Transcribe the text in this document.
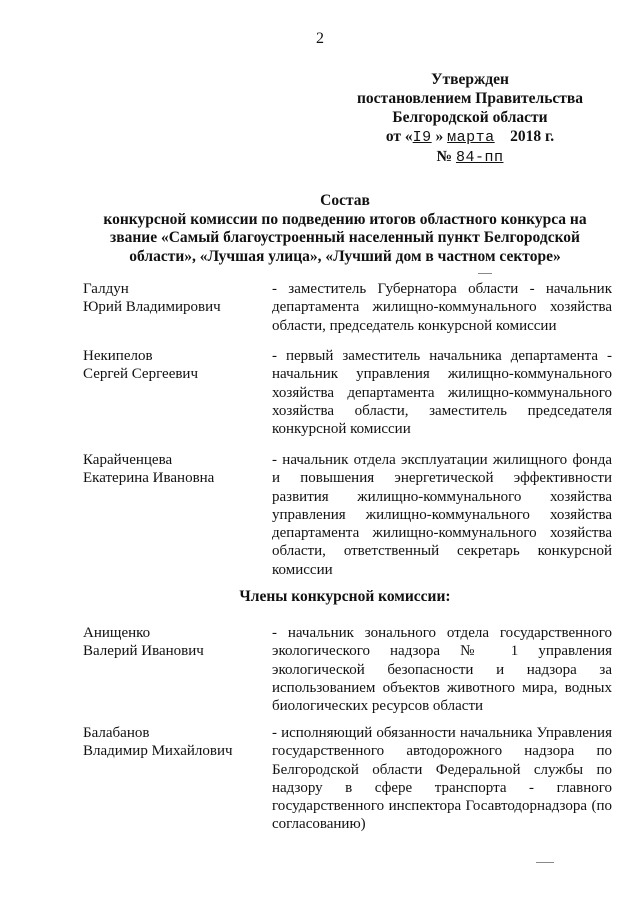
2
Утвержден
постановлением Правительства
Белгородской области
от «I9 » марта 2018 г.
№ 84-пп
Состав
конкурсной комиссии по подведению итогов областного конкурса на
звание «Самый благоустроенный населенный пункт Белгородской
области», «Лучшая улица», «Лучший дом в частном секторе»
Галдун
Юрий Владимирович
- заместитель Губернатора области - начальник департамента жилищно-коммунального хозяйства области, председатель конкурсной комиссии
Некипелов
Сергей Сергеевич
- первый заместитель начальника департамента - начальник управления жилищно-коммунального хозяйства департамента жилищно-коммунального хозяйства области, заместитель председателя конкурсной комиссии
Карайченцева
Екатерина Ивановна
- начальник отдела эксплуатации жилищного фонда и повышения энергетической эффективности развития жилищно-коммунального хозяйства управления жилищно-коммунального хозяйства департамента жилищно-коммунального хозяйства области, ответственный секретарь конкурсной комиссии
Члены конкурсной комиссии:
Анищенко
Валерий Иванович
- начальник зонального отдела государственного экологического надзора № 1 управления экологической безопасности и надзора за использованием объектов животного мира, водных биологических ресурсов области
Балабанов
Владимир Михайлович
- исполняющий обязанности начальника Управления государственного автодорожного надзора по Белгородской области Федеральной службы по надзору в сфере транспорта - главного государственного инспектора Госавтодорнадзора (по согласованию)
